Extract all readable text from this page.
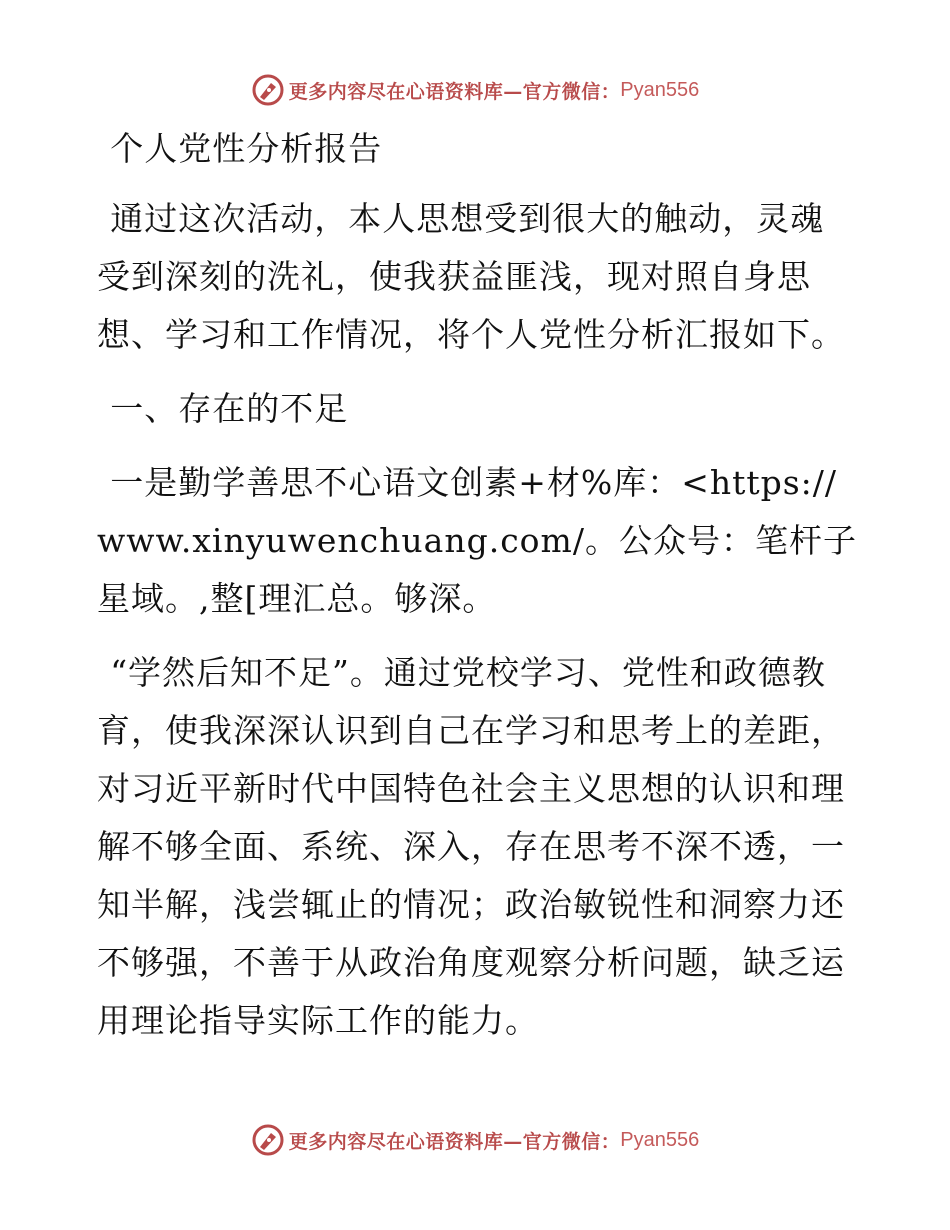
更多内容尽在心语资料库—官方微信： Pyan556

个人党性分析报告

通过这次活动，本人思想受到很大的触动，灵魂受到深刻的洗礼，使我获益匪浅，现对照自身思想、学习和工作情况，将个人党性分析汇报如下。

一、存在的不足

一是勤学善思不心语文创素+材%库：<https://www.xinyuwenchuang.com/。公众号：笔杆子星域。,整[理汇总。够深。

“学然后知不足”。通过党校学习、党性和政德教育，使我深深认识到自己在学习和思考上的差距，对习近平新时代中国特色社会主义思想的认识和理解不够全面、系统、深入，存在思考不深不透，一知半解，浅尝辄止的情况；政治敏锐性和洞察力还不够强，不善于从政治角度观察分析问题，缺乏运用理论指导实际工作的能力。

更多内容尽在心语资料库—官方微信： Pyan556
